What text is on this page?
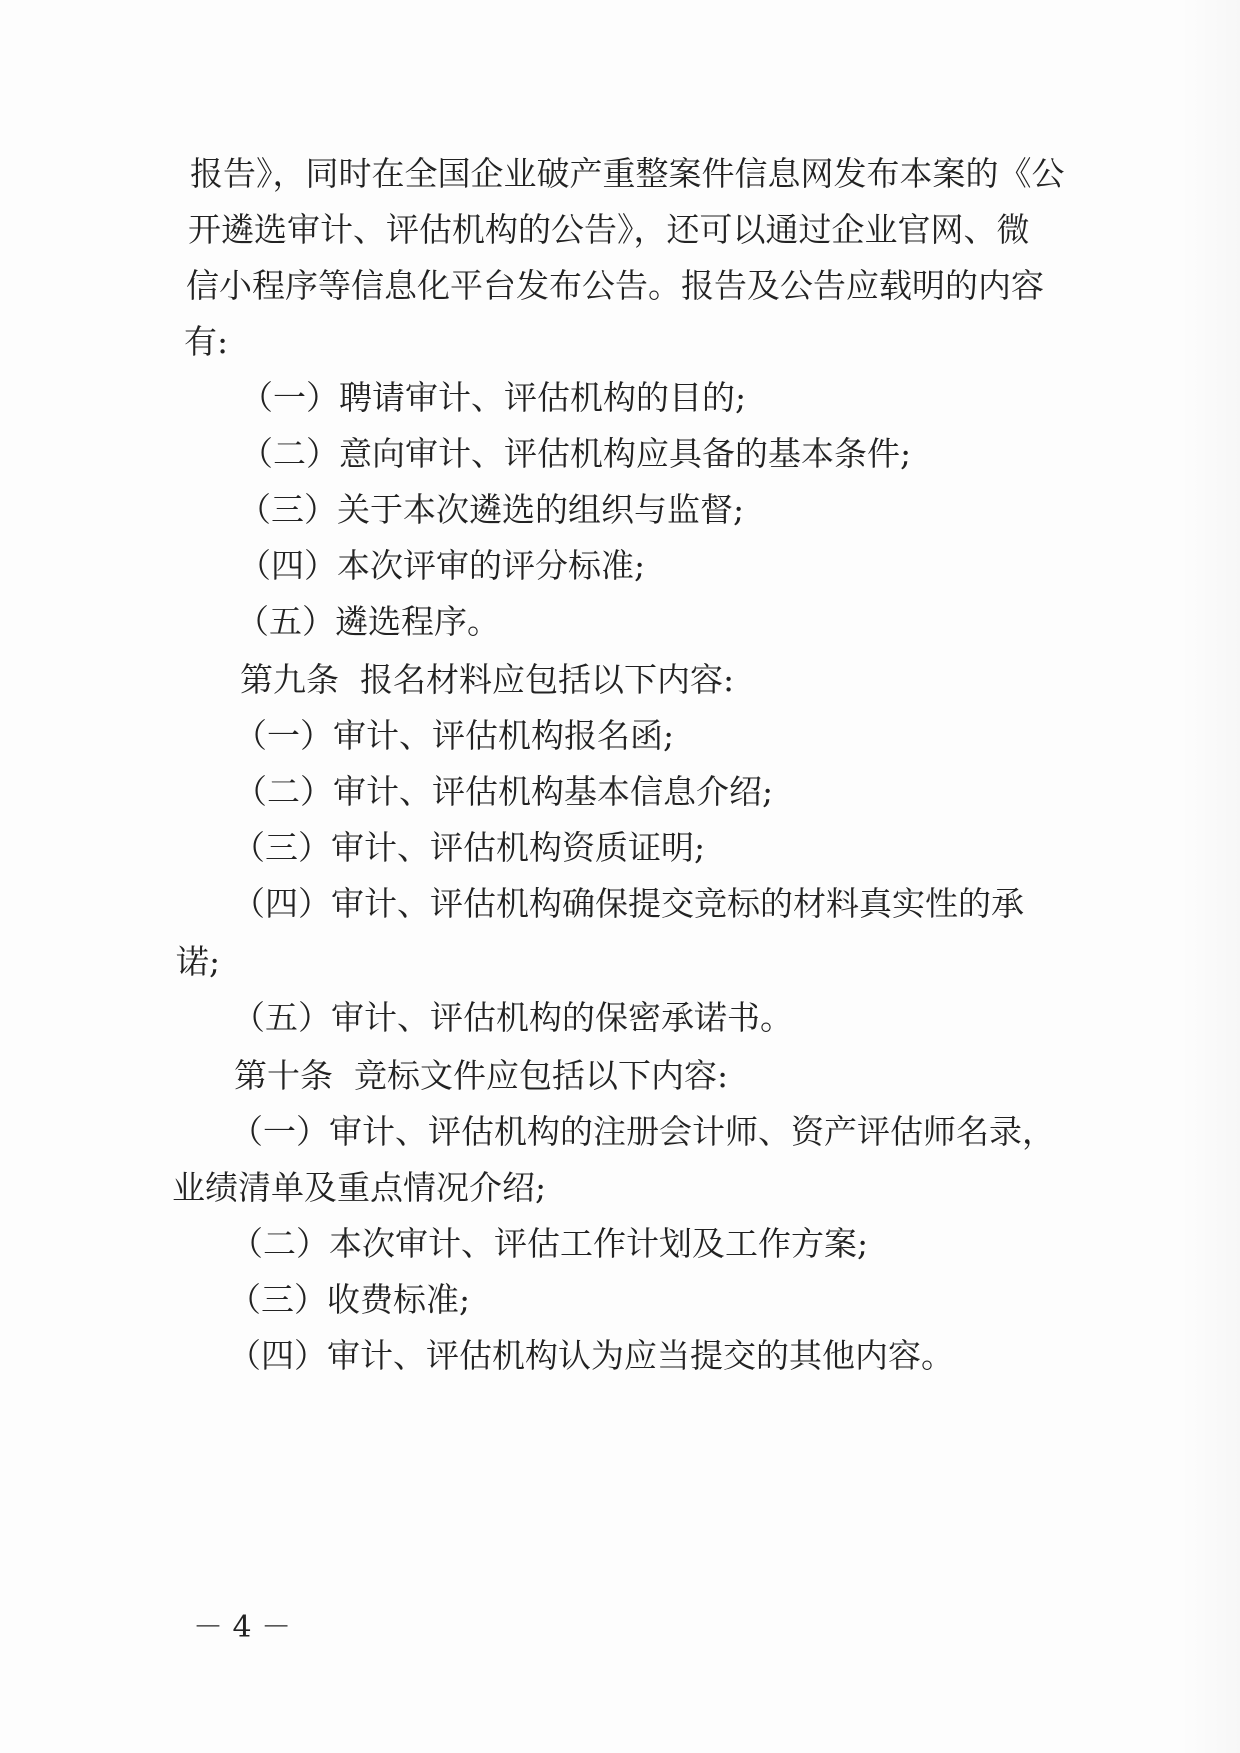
报告》，同时在全国企业破产重整案件信息网发布本案的《公
开遴选审计、评估机构的公告》，还可以通过企业官网、微
信小程序等信息化平台发布公告。报告及公告应载明的内容
有:
（一）聘请审计、评估机构的目的;
（二）意向审计、评估机构应具备的基本条件;
（三）关于本次遴选的组织与监督;
（四）本次评审的评分标准;
（五）遴选程序。
第九条  报名材料应包括以下内容:
（一）审计、评估机构报名函;
（二）审计、评估机构基本信息介绍;
（三）审计、评估机构资质证明;
（四）审计、评估机构确保提交竞标的材料真实性的承
诺;
（五）审计、评估机构的保密承诺书。
第十条  竞标文件应包括以下内容:
（一）审计、评估机构的注册会计师、资产评估师名录，
业绩清单及重点情况介绍;
（二）本次审计、评估工作计划及工作方案;
（三）收费标准;
（四）审计、评估机构认为应当提交的其他内容。
－ 4 －
